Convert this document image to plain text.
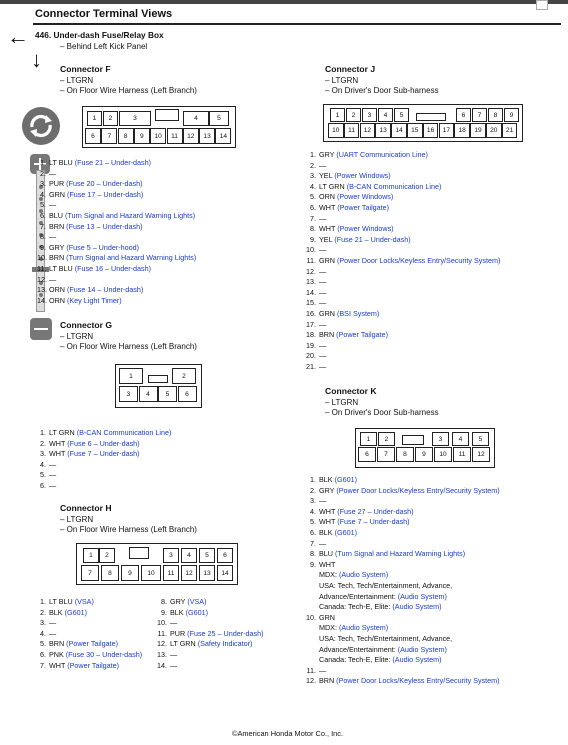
Connector Terminal Views
←
↓
446. Under-dash Fuse/Relay Box
– Behind Left Kick Panel
Connector F
– LTGRN
– On Floor Wire Harness (Left Branch)
1	2	3	4	5
6	7	8	9	10	11	12	13	14
1. LT BLU (Fuse 21 – Under-dash)
2. —
3. PUR (Fuse 20 – Under-dash)
4. GRN (Fuse 17 – Under-dash)
5. —
6. BLU (Turn Signal and Hazard Warning Lights)
7. BRN (Fuse 13 – Under-dash)
8. —
9. GRY (Fuse 5 – Under-hood)
10. BRN (Turn Signal and Hazard Warning Lights)
11. LT BLU (Fuse 16 – Under-dash)
12. —
13. ORN (Fuse 14 – Under-dash)
14. ORN (Key Light Timer)
Connector G
– LTGRN
– On Floor Wire Harness (Left Branch)
1	2
3	4	5	6
1. LT GRN (B-CAN Communication Line)
2. WHT (Fuse 6 – Under-dash)
3. WHT (Fuse 7 – Under-dash)
4. —
5. —
6. —
Connector H
– LTGRN
– On Floor Wire Harness (Left Branch)
1	2	3	4	5	6
7	8	9	10	11	12	13	14
1. LT BLU (VSA)
2. BLK (G601)
3. —
4. —
5. BRN (Power Tailgate)
6. PNK (Fuse 30 – Under-dash)
7. WHT (Power Tailgate)
8. GRY (VSA)
9. BLK (G601)
10. —
11. PUR (Fuse 25 – Under-dash)
12. LT GRN (Safety Indicator)
13. —
14. —
Connector J
– LTGRN
– On Driver's Door Sub-harness
1	2	3	4	5	6	7	8	9
10	11	12	13	14	15	16	17	18	19	20	21
1. GRY (UART Communication Line)
2. —
3. YEL (Power Windows)
4. LT GRN (B-CAN Communication Line)
5. ORN (Power Windows)
6. WHT (Power Tailgate)
7. —
8. WHT (Power Windows)
9. YEL (Fuse 21 – Under-dash)
10. —
11. GRN (Power Door Locks/Keyless Entry/Security System)
12. —
13. —
14. —
15. —
16. GRN (BSI System)
17. —
18. BRN (Power Tailgate)
19. —
20. —
21. —
Connector K
– LTGRN
– On Driver's Door Sub-harness
1	2	3	4	5
6	7	8	9	10	11	12
1. BLK (G601)
2. GRY (Power Door Locks/Keyless Entry/Security System)
3. —
4. WHT (Fuse 27 – Under-dash)
5. WHT (Fuse 7 – Under-dash)
6. BLK (G601)
7. —
8. BLU (Turn Signal and Hazard Warning Lights)
9. WHT
MDX: (Audio System)
USA: Tech, Tech/Entertainment, Advance,
Advance/Entertainment: (Audio System)
Canada: Tech-E, Elite: (Audio System)
10. GRN
MDX: (Audio System)
USA: Tech, Tech/Entertainment, Advance,
Advance/Entertainment: (Audio System)
Canada: Tech-E, Elite: (Audio System)
11. —
12. BRN (Power Door Locks/Keyless Entry/Security System)
©American Honda Motor Co., Inc.
